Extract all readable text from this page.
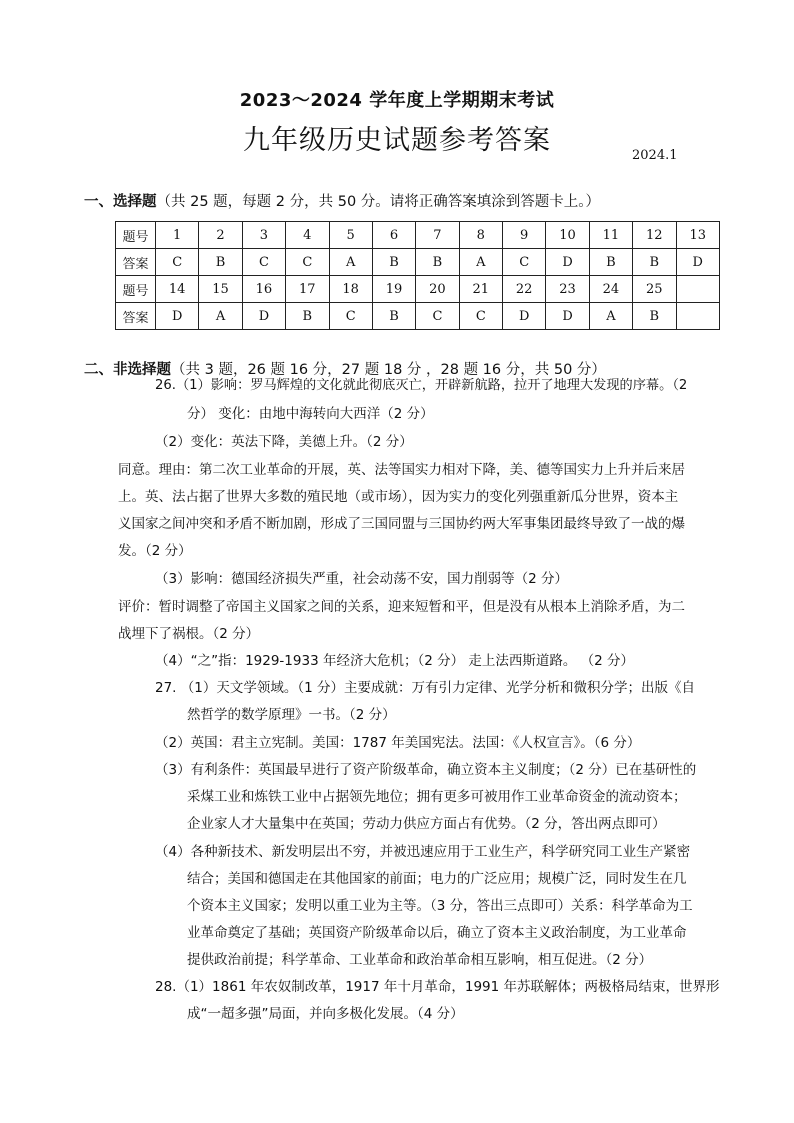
2023～2024 学年度上学期期末考试
九年级历史试题参考答案	2024.1
一、选择题（共 25 题，每题 2 分，共 50 分。请将正确答案填涂到答题卡上。）
题号	1	2	3	4	5	6	7	8	9	10	11	12	13
答案	C	B	C	C	A	B	B	A	C	D	B	B	D
题号	14	15	16	17	18	19	20	21	22	23	24	25	
答案	D	A	D	B	C	B	C	C	D	D	A	B	
二、非选择题（共 3 题，26 题 16 分，27 题 18 分 ，28 题 16 分，共 50 分）
26.（1）影响：罗马辉煌的文化就此彻底灭亡，开辟新航路，拉开了地理大发现的序幕。（2
分） 变化：由地中海转向大西洋（2 分）
（2）变化：英法下降，美德上升。（2 分）
同意。理由：第二次工业革命的开展，英、法等国实力相对下降，美、德等国实力上升并后来居
上。英、法占据了世界大多数的殖民地（或市场），因为实力的变化列强重新瓜分世界，资本主
义国家之间冲突和矛盾不断加剧，形成了三国同盟与三国协约两大军事集团最终导致了一战的爆
发。（2 分）
（3）影响：德国经济损失严重，社会动荡不安，国力削弱等（2 分）
评价：暂时调整了帝国主义国家之间的关系，迎来短暂和平，但是没有从根本上消除矛盾，为二
战埋下了祸根。（2 分）
（4）“之”指：1929-1933 年经济大危机；（2 分） 走上法西斯道路。 （2 分）
27. （1）天文学领域。（1 分）主要成就：万有引力定律、光学分析和微积分学；出版《自
然哲学的数学原理》一书。（2 分）
（2）英国：君主立宪制。美国：1787 年美国宪法。法国：《人权宣言》。（6 分）
（3）有利条件：英国最早进行了资产阶级革命，确立资本主义制度；（2 分）已在基研性的
采煤工业和炼铁工业中占据领先地位；拥有更多可被用作工业革命资金的流动资本；
企业家人才大量集中在英国；劳动力供应方面占有优势。（2 分，答出两点即可）
（4）各种新技术、新发明层出不穷，并被迅速应用于工业生产，科学研究同工业生产紧密
结合；美国和德国走在其他国家的前面；电力的广泛应用；规模广泛，同时发生在几
个资本主义国家；发明以重工业为主等。（3 分，答出三点即可）关系：科学革命为工
业革命奠定了基础；英国资产阶级革命以后，确立了资本主义政治制度，为工业革命
提供政治前提；科学革命、工业革命和政治革命相互影响，相互促进。（2 分）
28.（1）1861 年农奴制改革，1917 年十月革命，1991 年苏联解体；两极格局结束，世界形
成“一超多强”局面，并向多极化发展。（4 分）
